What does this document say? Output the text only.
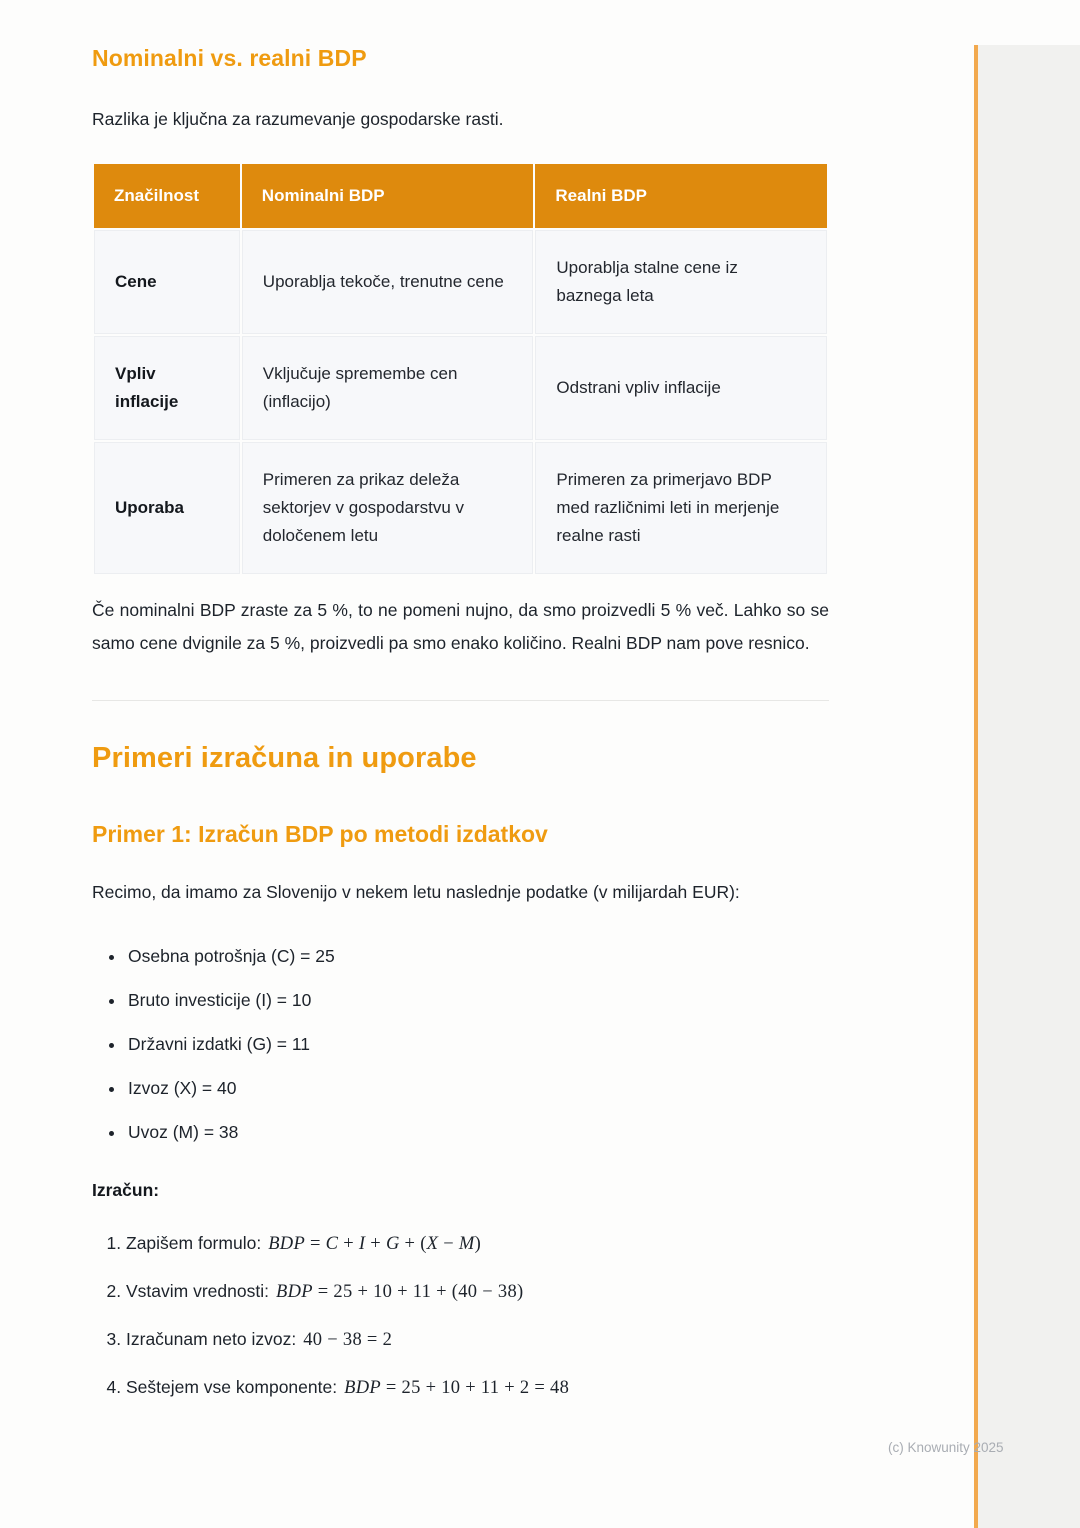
Nominalni vs. realni BDP

Razlika je ključna za razumevanje gospodarske rasti.

Značilnost	Nominalni BDP	Realni BDP
Cene	Uporablja tekoče, trenutne cene	Uporablja stalne cene iz baznega leta
Vpliv inflacije	Vključuje spremembe cen (inflacijo)	Odstrani vpliv inflacije
Uporaba	Primeren za prikaz deleža sektorjev v gospodarstvu v določenem letu	Primeren za primerjavo BDP med različnimi leti in merjenje realne rasti

Če nominalni BDP zraste za 5 %, to ne pomeni nujno, da smo proizvedli 5 % več. Lahko so se samo cene dvignile za 5 %, proizvedli pa smo enako količino. Realni BDP nam pove resnico.

Primeri izračuna in uporabe
Primer 1: Izračun BDP po metodi izdatkov

Recimo, da imamo za Slovenijo v nekem letu naslednje podatke (v milijardah EUR):

• Osebna potrošnja (C) = 25
• Bruto investicije (I) = 10
• Državni izdatki (G) = 11
• Izvoz (X) = 40
• Uvoz (M) = 38

Izračun:

1. Zapišem formulo: BDP = C + I + G + (X − M)
2. Vstavim vrednosti: BDP = 25 + 10 + 11 + (40 − 38)
3. Izračunam neto izvoz: 40 − 38 = 2
4. Seštejem vse komponente: BDP = 25 + 10 + 11 + 2 = 48
(c) Knowunity 2025
